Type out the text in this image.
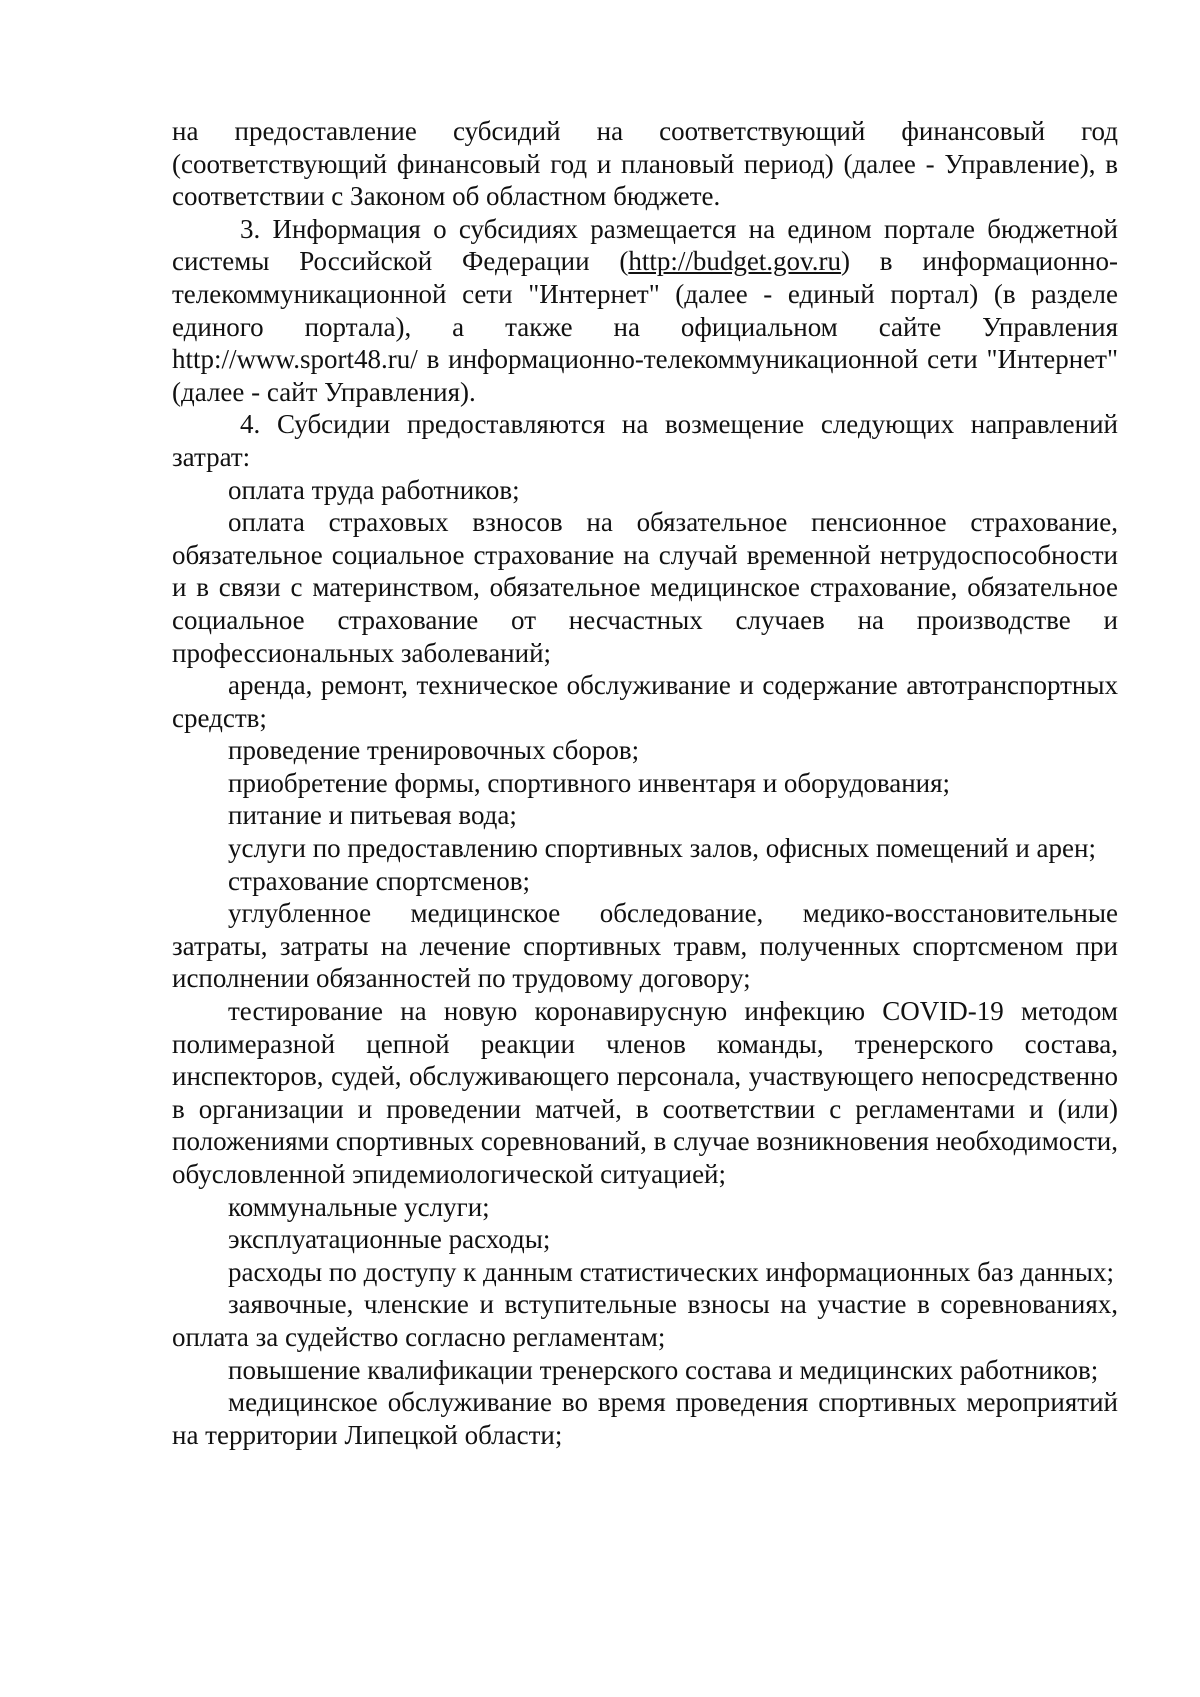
на предоставление субсидий на соответствующий финансовый год (соответствующий финансовый год и плановый период) (далее - Управление), в соответствии с Законом об областном бюджете.

3. Информация о субсидиях размещается на едином портале бюджетной системы Российской Федерации (http://budget.gov.ru) в информационно-телекоммуникационной сети "Интернет" (далее - единый портал) (в разделе единого портала), а также на официальном сайте Управления http://www.sport48.ru/ в информационно-телекоммуникационной сети "Интернет" (далее - сайт Управления).

4. Субсидии предоставляются на возмещение следующих направлений затрат:

оплата труда работников;

оплата страховых взносов на обязательное пенсионное страхование, обязательное социальное страхование на случай временной нетрудоспособности и в связи с материнством, обязательное медицинское страхование, обязательное социальное страхование от несчастных случаев на производстве и профессиональных заболеваний;

аренда, ремонт, техническое обслуживание и содержание автотранспортных средств;

проведение тренировочных сборов;

приобретение формы, спортивного инвентаря и оборудования;

питание и питьевая вода;

услуги по предоставлению спортивных залов, офисных помещений и арен;

страхование спортсменов;

углубленное медицинское обследование, медико-восстановительные затраты, затраты на лечение спортивных травм, полученных спортсменом при исполнении обязанностей по трудовому договору;

тестирование на новую коронавирусную инфекцию COVID-19 методом полимеразной цепной реакции членов команды, тренерского состава, инспекторов, судей, обслуживающего персонала, участвующего непосредственно в организации и проведении матчей, в соответствии с регламентами и (или) положениями спортивных соревнований, в случае возникновения необходимости, обусловленной эпидемиологической ситуацией;

коммунальные услуги;

эксплуатационные расходы;

расходы по доступу к данным статистических информационных баз данных;

заявочные, членские и вступительные взносы на участие в соревнованиях, оплата за судейство согласно регламентам;

повышение квалификации тренерского состава и медицинских работников;

медицинское обслуживание во время проведения спортивных мероприятий на территории Липецкой области;
